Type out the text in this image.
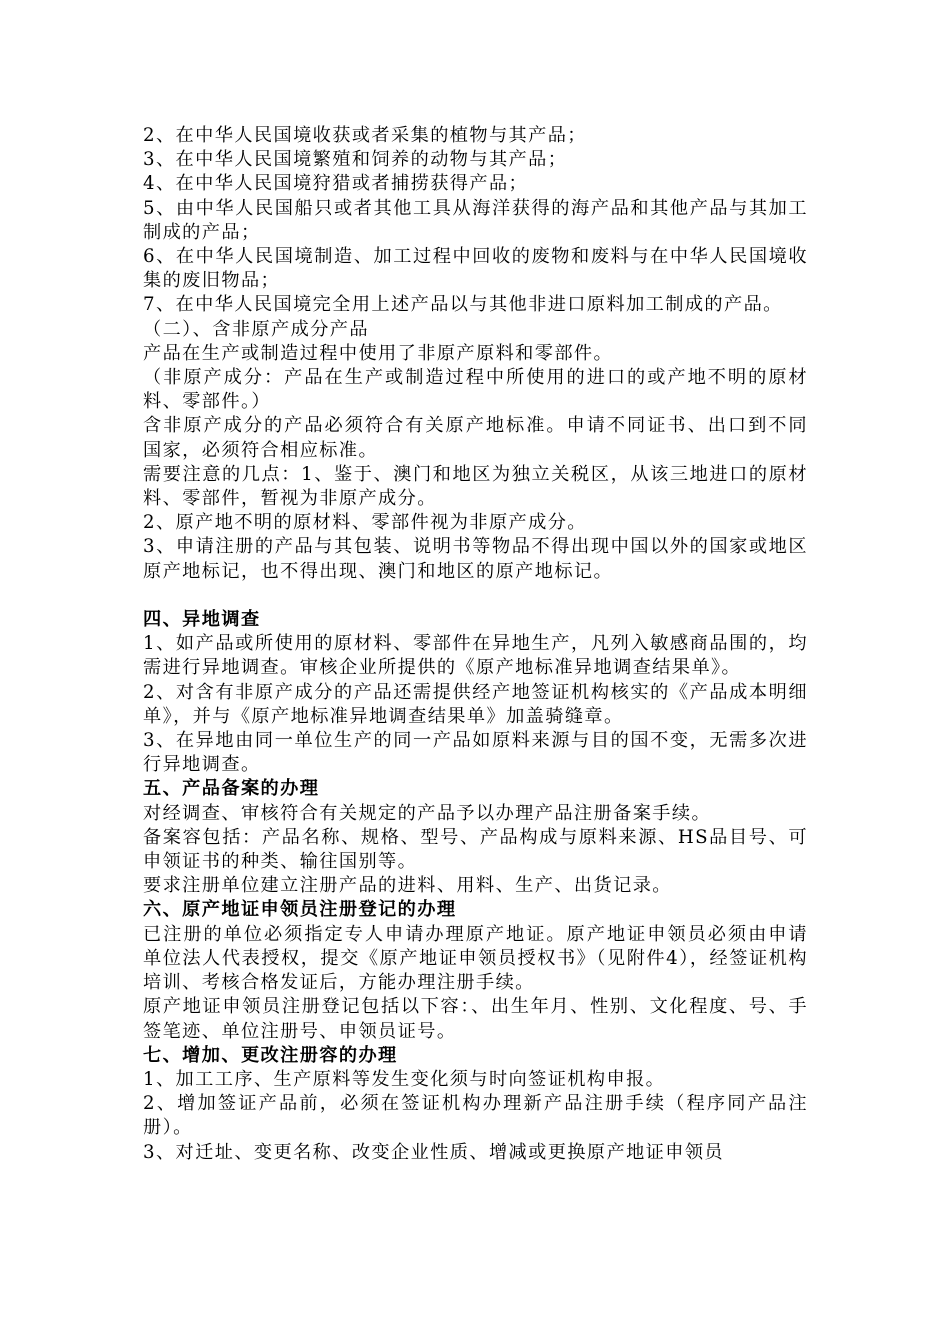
2、在中华人民国境收获或者采集的植物与其产品；
3、在中华人民国境繁殖和饲养的动物与其产品；
4、在中华人民国境狩猎或者捕捞获得产品；
5、由中华人民国船只或者其他工具从海洋获得的海产品和其他产品与其加工制成的产品；
6、在中华人民国境制造、加工过程中回收的废物和废料与在中华人民国境收集的废旧物品；
7、在中华人民国境完全用上述产品以与其他非进口原料加工制成的产品。
（二）、含非原产成分产品
产品在生产或制造过程中使用了非原产原料和零部件。
（非原产成分：产品在生产或制造过程中所使用的进口的或产地不明的原材料、零部件。）
含非原产成分的产品必须符合有关原产地标准。申请不同证书、出口到不同国家，必须符合相应标准。
需要注意的几点：1、鉴于、澳门和地区为独立关税区，从该三地进口的原材料、零部件，暂视为非原产成分。
2、原产地不明的原材料、零部件视为非原产成分。
3、申请注册的产品与其包装、说明书等物品不得出现中国以外的国家或地区原产地标记，也不得出现、澳门和地区的原产地标记。
四、异地调查
1、如产品或所使用的原材料、零部件在异地生产，凡列入敏感商品围的，均需进行异地调查。审核企业所提供的《原产地标准异地调查结果单》。
2、对含有非原产成分的产品还需提供经产地签证机构核实的《产品成本明细单》，并与《原产地标准异地调查结果单》加盖骑缝章。
3、在异地由同一单位生产的同一产品如原料来源与目的国不变，无需多次进行异地调查。
五、产品备案的办理
对经调查、审核符合有关规定的产品予以办理产品注册备案手续。
备案容包括：产品名称、规格、型号、产品构成与原料来源、HS品目号、可申领证书的种类、输往国别等。
要求注册单位建立注册产品的进料、用料、生产、出货记录。
六、原产地证申领员注册登记的办理
已注册的单位必须指定专人申请办理原产地证。原产地证申领员必须由申请单位法人代表授权，提交《原产地证申领员授权书》（见附件4），经签证机构培训、考核合格发证后，方能办理注册手续。
原产地证申领员注册登记包括以下容：、出生年月、性别、文化程度、号、手签笔迹、单位注册号、申领员证号。
七、增加、更改注册容的办理
1、加工工序、生产原料等发生变化须与时向签证机构申报。
2、增加签证产品前，必须在签证机构办理新产品注册手续（程序同产品注册）。
3、对迁址、变更名称、改变企业性质、增减或更换原产地证申领员
